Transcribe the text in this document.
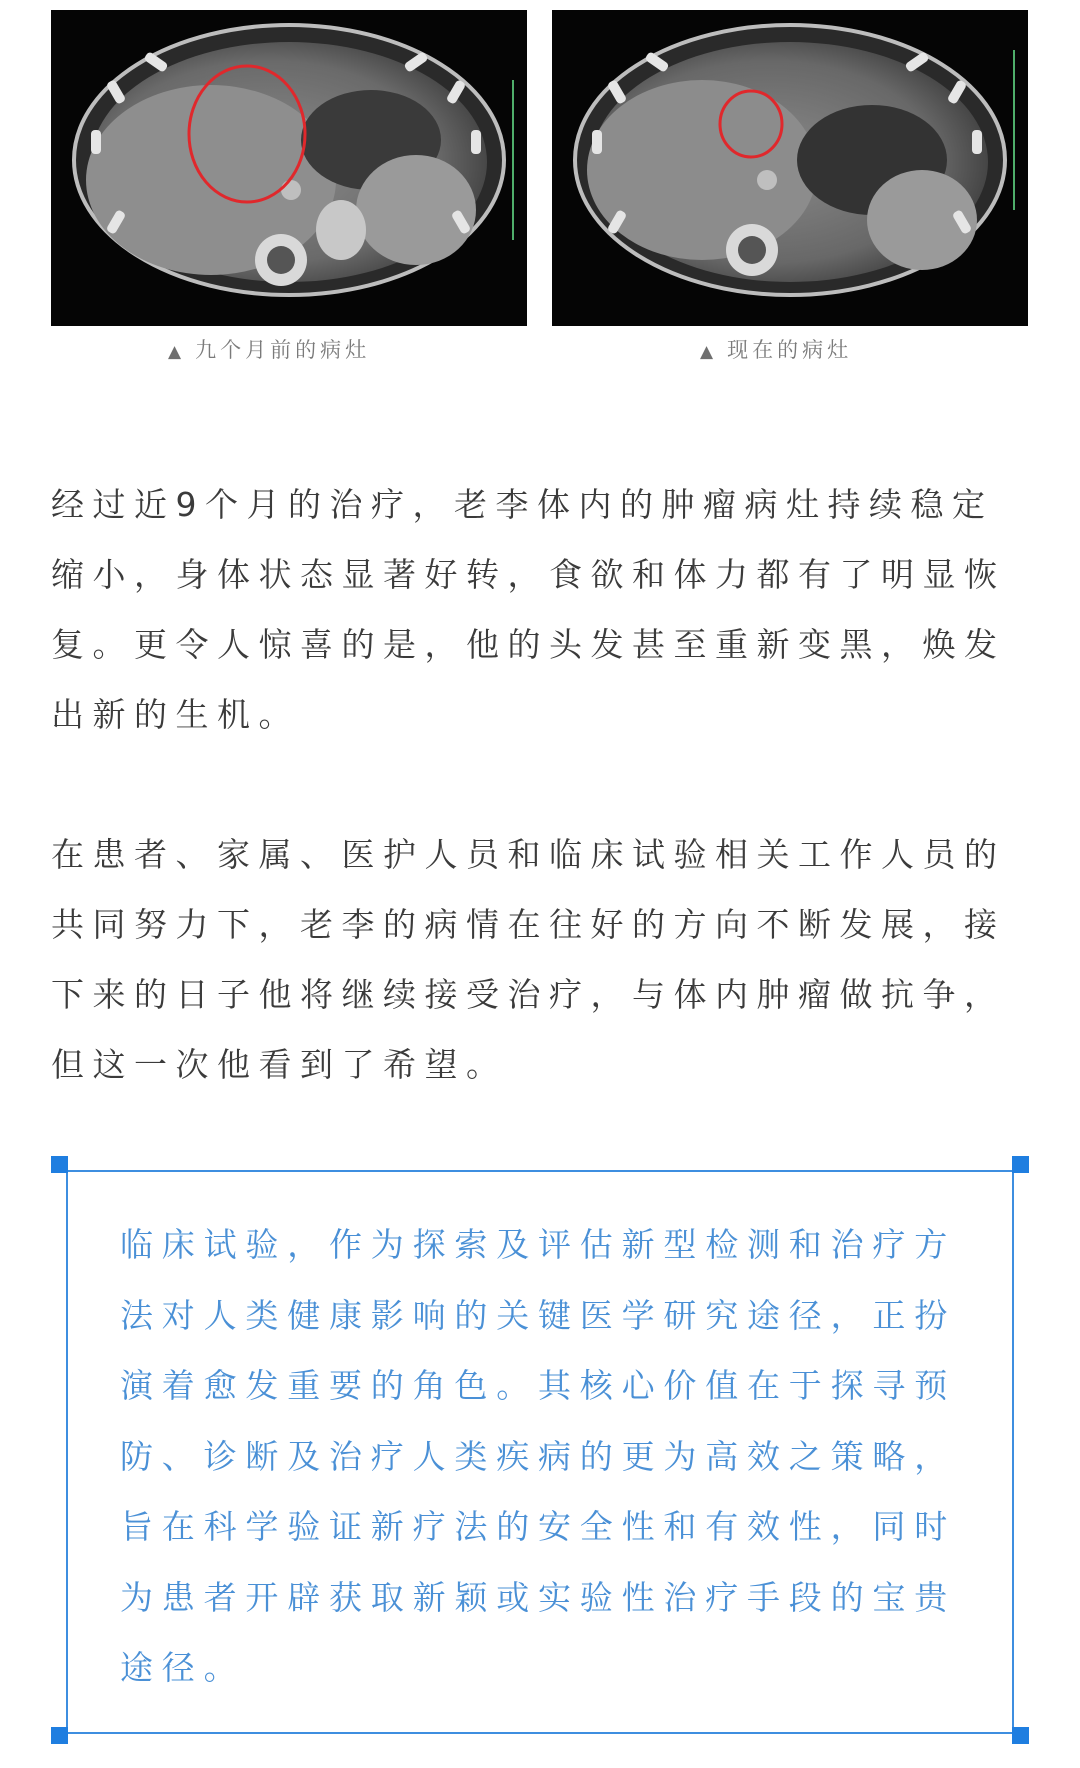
▲ 九个月前的病灶	▲ 现在的病灶

经过近9个月的治疗，老李体内的肿瘤病灶持续稳定缩小，身体状态显著好转，食欲和体力都有了明显恢复。更令人惊喜的是，他的头发甚至重新变黑，焕发出新的生机。

在患者、家属、医护人员和临床试验相关工作人员的共同努力下，老李的病情在往好的方向不断发展，接下来的日子他将继续接受治疗，与体内肿瘤做抗争，但这一次他看到了希望。

临床试验，作为探索及评估新型检测和治疗方法对人类健康影响的关键医学研究途径，正扮演着愈发重要的角色。其核心价值在于探寻预防、诊断及治疗人类疾病的更为高效之策略，旨在科学验证新疗法的安全性和有效性，同时为患者开辟获取新颖或实验性治疗手段的宝贵途径。
